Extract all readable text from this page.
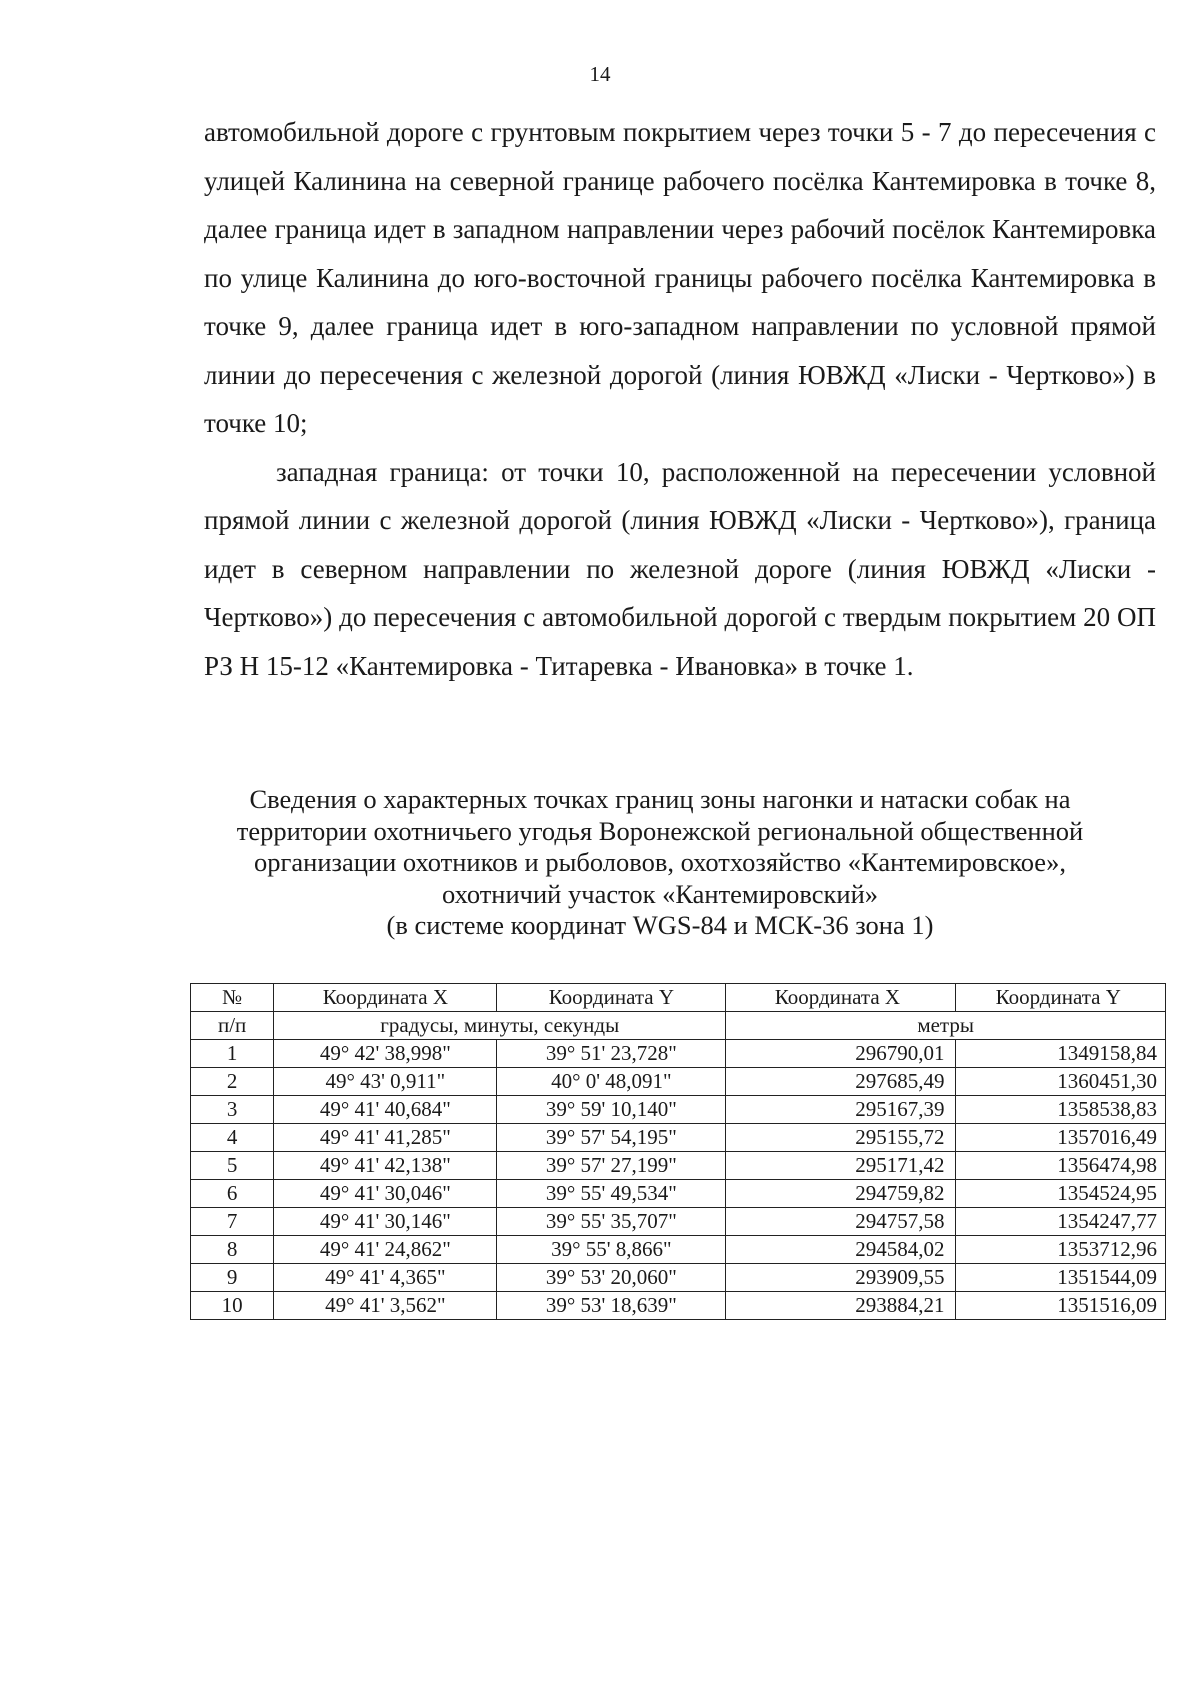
14

автомобильной дороге с грунтовым покрытием через точки 5 - 7 до пересечения с улицей Калинина на северной границе рабочего посёлка Кантемировка в точке 8, далее граница идет в западном направлении через рабочий посёлок Кантемировка по улице Калинина до юго-восточной границы рабочего посёлка Кантемировка в точке 9, далее граница идет в юго-западном направлении по условной прямой линии до пересечения с железной дорогой (линия ЮВЖД «Лиски - Чертково») в точке 10;

западная граница: от точки 10, расположенной на пересечении условной прямой линии с железной дорогой (линия ЮВЖД «Лиски - Чертково»), граница идет в северном направлении по железной дороге (линия ЮВЖД «Лиски - Чертково») до пересечения с автомобильной дорогой с твердым покрытием 20 ОП РЗ Н 15-12 «Кантемировка - Титаревка - Ивановка» в точке 1.

Сведения о характерных точках границ зоны нагонки и натаски собак на
территории охотничьего угодья Воронежской региональной общественной
организации охотников и рыболовов, охотхозяйство «Кантемировское»,
охотничий участок «Кантемировский»
(в системе координат WGS-84 и МСК-36 зона 1)
№	Координата X	Координата Y	Координата X	Координата Y
п/п	градусы, минуты, секунды		метры	
1	49° 42' 38,998"	39° 51' 23,728"	296790,01	1349158,84
2	49° 43' 0,911"	40° 0' 48,091"	297685,49	1360451,30
3	49° 41' 40,684"	39° 59' 10,140"	295167,39	1358538,83
4	49° 41' 41,285"	39° 57' 54,195"	295155,72	1357016,49
5	49° 41' 42,138"	39° 57' 27,199"	295171,42	1356474,98
6	49° 41' 30,046"	39° 55' 49,534"	294759,82	1354524,95
7	49° 41' 30,146"	39° 55' 35,707"	294757,58	1354247,77
8	49° 41' 24,862"	39° 55' 8,866"	294584,02	1353712,96
9	49° 41' 4,365"	39° 53' 20,060"	293909,55	1351544,09
10	49° 41' 3,562"	39° 53' 18,639"	293884,21	1351516,09
